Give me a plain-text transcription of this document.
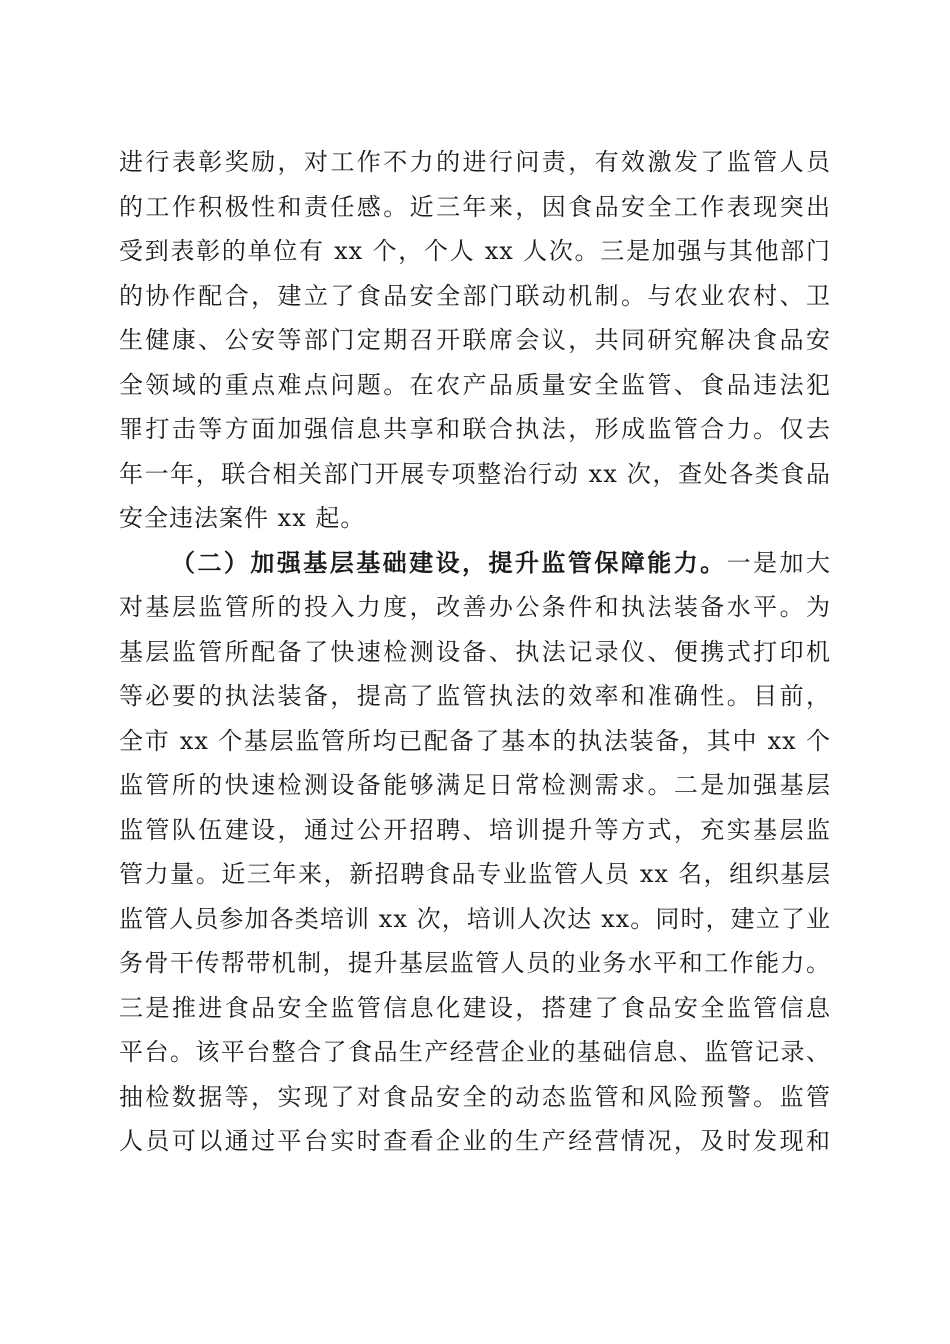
进行表彰奖励，对工作不力的进行问责，有效激发了监管人员
的工作积极性和责任感。近三年来，因食品安全工作表现突出
受到表彰的单位有 xx 个，个人 xx 人次。三是加强与其他部门
的协作配合，建立了食品安全部门联动机制。与农业农村、卫
生健康、公安等部门定期召开联席会议，共同研究解决食品安
全领域的重点难点问题。在农产品质量安全监管、食品违法犯
罪打击等方面加强信息共享和联合执法，形成监管合力。仅去
年一年，联合相关部门开展专项整治行动 xx 次，查处各类食品
安全违法案件 xx 起。
（二）加强基层基础建设，提升监管保障能力。一是加大
对基层监管所的投入力度，改善办公条件和执法装备水平。为
基层监管所配备了快速检测设备、执法记录仪、便携式打印机
等必要的执法装备，提高了监管执法的效率和准确性。目前，
全市 xx 个基层监管所均已配备了基本的执法装备，其中 xx 个
监管所的快速检测设备能够满足日常检测需求。二是加强基层
监管队伍建设，通过公开招聘、培训提升等方式，充实基层监
管力量。近三年来，新招聘食品专业监管人员 xx 名，组织基层
监管人员参加各类培训 xx 次，培训人次达 xx。同时，建立了业
务骨干传帮带机制，提升基层监管人员的业务水平和工作能力。
三是推进食品安全监管信息化建设，搭建了食品安全监管信息
平台。该平台整合了食品生产经营企业的基础信息、监管记录、
抽检数据等，实现了对食品安全的动态监管和风险预警。监管
人员可以通过平台实时查看企业的生产经营情况，及时发现和
